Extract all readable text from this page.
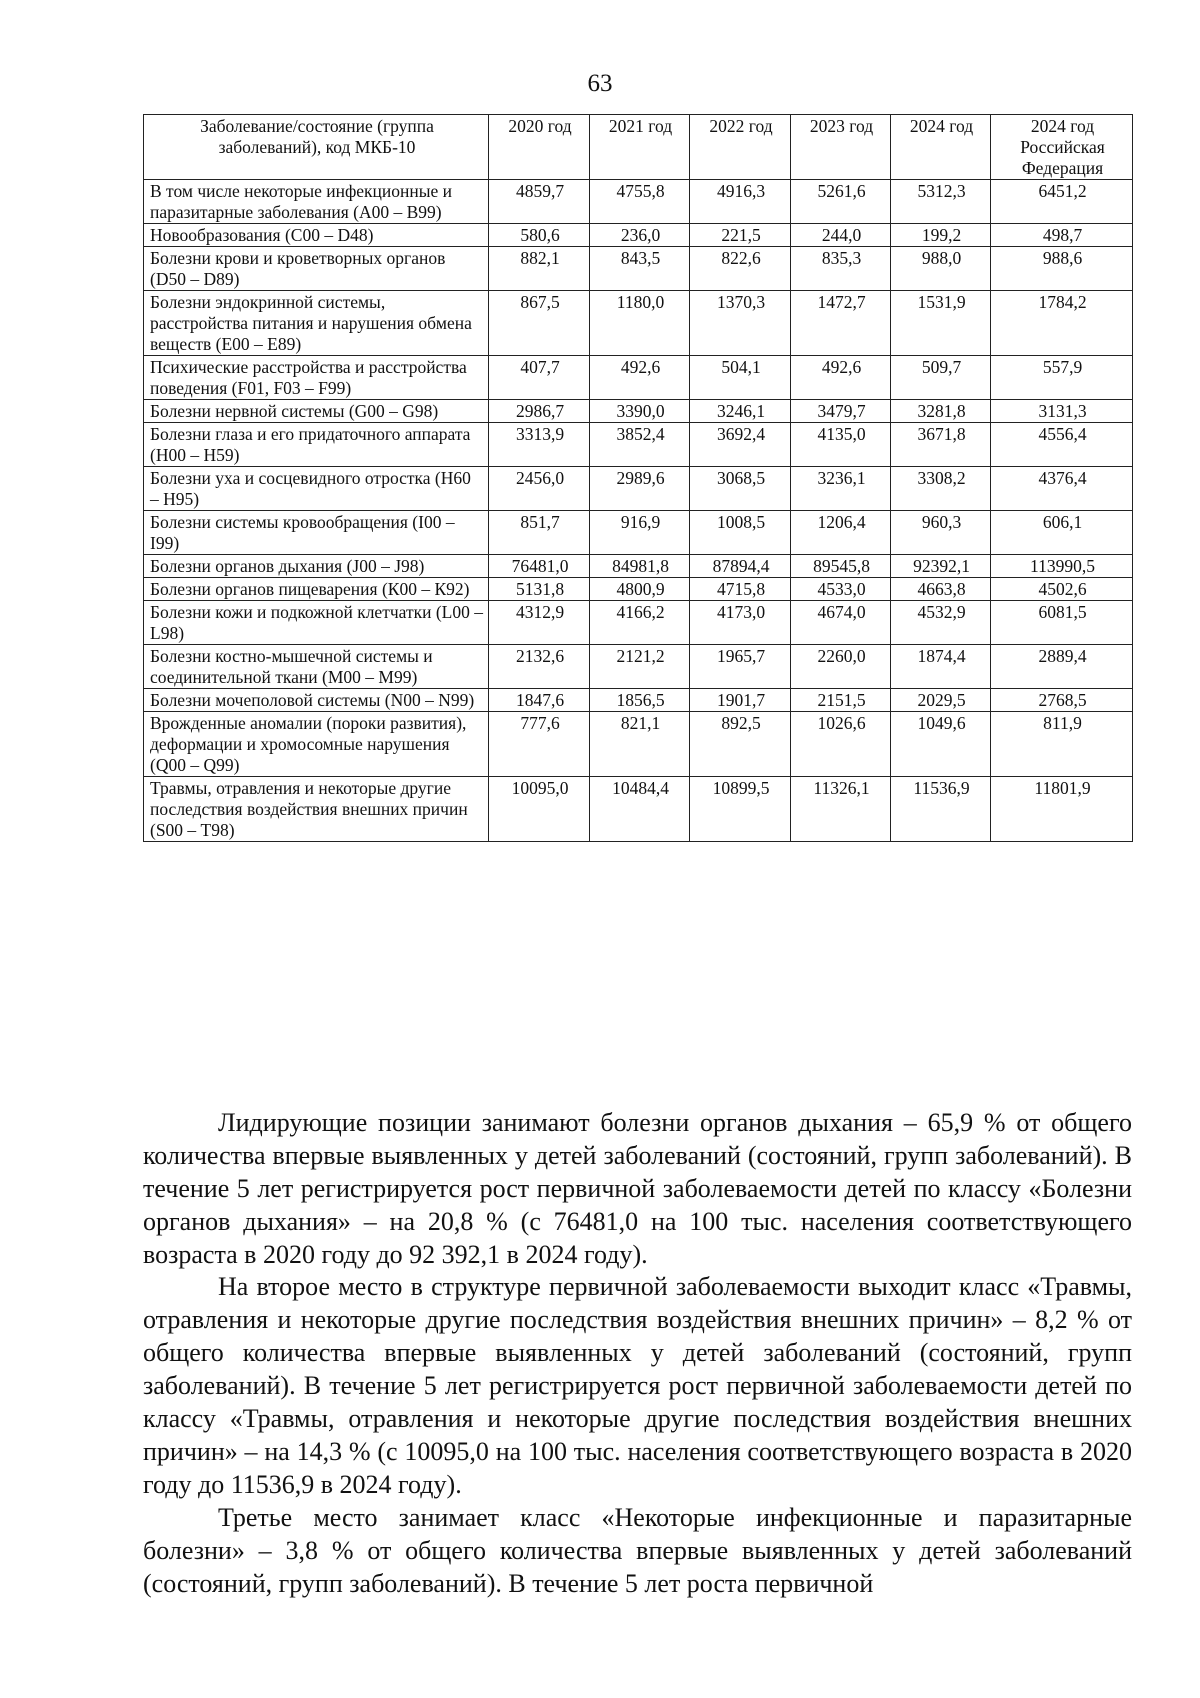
63
Заболевание/состояние (группа заболеваний), код МКБ-10	2020 год	2021 год	2022 год	2023 год	2024 год	2024 год Российская Федерация
В том числе некоторые инфекционные и паразитарные заболевания (А00 – В99)	4859,7	4755,8	4916,3	5261,6	5312,3	6451,2
Новообразования (С00 – D48)	580,6	236,0	221,5	244,0	199,2	498,7
Болезни крови и кроветворных органов (D50 – D89)	882,1	843,5	822,6	835,3	988,0	988,6
Болезни эндокринной системы, расстройства питания и нарушения обмена веществ (Е00 – Е89)	867,5	1180,0	1370,3	1472,7	1531,9	1784,2
Психические расстройства и расстройства поведения (F01, F03 – F99)	407,7	492,6	504,1	492,6	509,7	557,9
Болезни нервной системы (G00 – G98)	2986,7	3390,0	3246,1	3479,7	3281,8	3131,3
Болезни глаза и его придаточного аппарата (Н00 – Н59)	3313,9	3852,4	3692,4	4135,0	3671,8	4556,4
Болезни уха и сосцевидного отростка (Н60 – Н95)	2456,0	2989,6	3068,5	3236,1	3308,2	4376,4
Болезни системы кровообращения (I00 – I99)	851,7	916,9	1008,5	1206,4	960,3	606,1
Болезни органов дыхания (J00 – J98)	76481,0	84981,8	87894,4	89545,8	92392,1	113990,5
Болезни органов пищеварения (К00 – К92)	5131,8	4800,9	4715,8	4533,0	4663,8	4502,6
Болезни кожи и подкожной клетчатки (L00 – L98)	4312,9	4166,2	4173,0	4674,0	4532,9	6081,5
Болезни костно-мышечной системы и соединительной ткани (М00 – М99)	2132,6	2121,2	1965,7	2260,0	1874,4	2889,4
Болезни мочеполовой системы (N00 – N99)	1847,6	1856,5	1901,7	2151,5	2029,5	2768,5
Врожденные аномалии (пороки развития), деформации и хромосомные нарушения (Q00 – Q99)	777,6	821,1	892,5	1026,6	1049,6	811,9
Травмы, отравления и некоторые другие последствия воздействия внешних причин (S00 – Т98)	10095,0	10484,4	10899,5	11326,1	11536,9	11801,9

Лидирующие позиции занимают болезни органов дыхания – 65,9 % от общего количества впервые выявленных у детей заболеваний (состояний, групп заболеваний). В течение 5 лет регистрируется рост первичной заболеваемости детей по классу «Болезни органов дыхания» – на 20,8 % (с 76481,0 на 100 тыс. населения соответствующего возраста в 2020 году до 92 392,1 в 2024 году).

На второе место в структуре первичной заболеваемости выходит класс «Травмы, отравления и некоторые другие последствия воздействия внешних причин» – 8,2 % от общего количества впервые выявленных у детей заболеваний (состояний, групп заболеваний). В течение 5 лет регистрируется рост первичной заболеваемости детей по классу «Травмы, отравления и некоторые другие последствия воздействия внешних причин» – на 14,3 % (с 10095,0 на 100 тыс. населения соответствующего возраста в 2020 году до 11536,9 в 2024 году).

Третье место занимает класс «Некоторые инфекционные и паразитарные болезни» – 3,8 % от общего количества впервые выявленных у детей заболеваний (состояний, групп заболеваний). В течение 5 лет роста первичной
